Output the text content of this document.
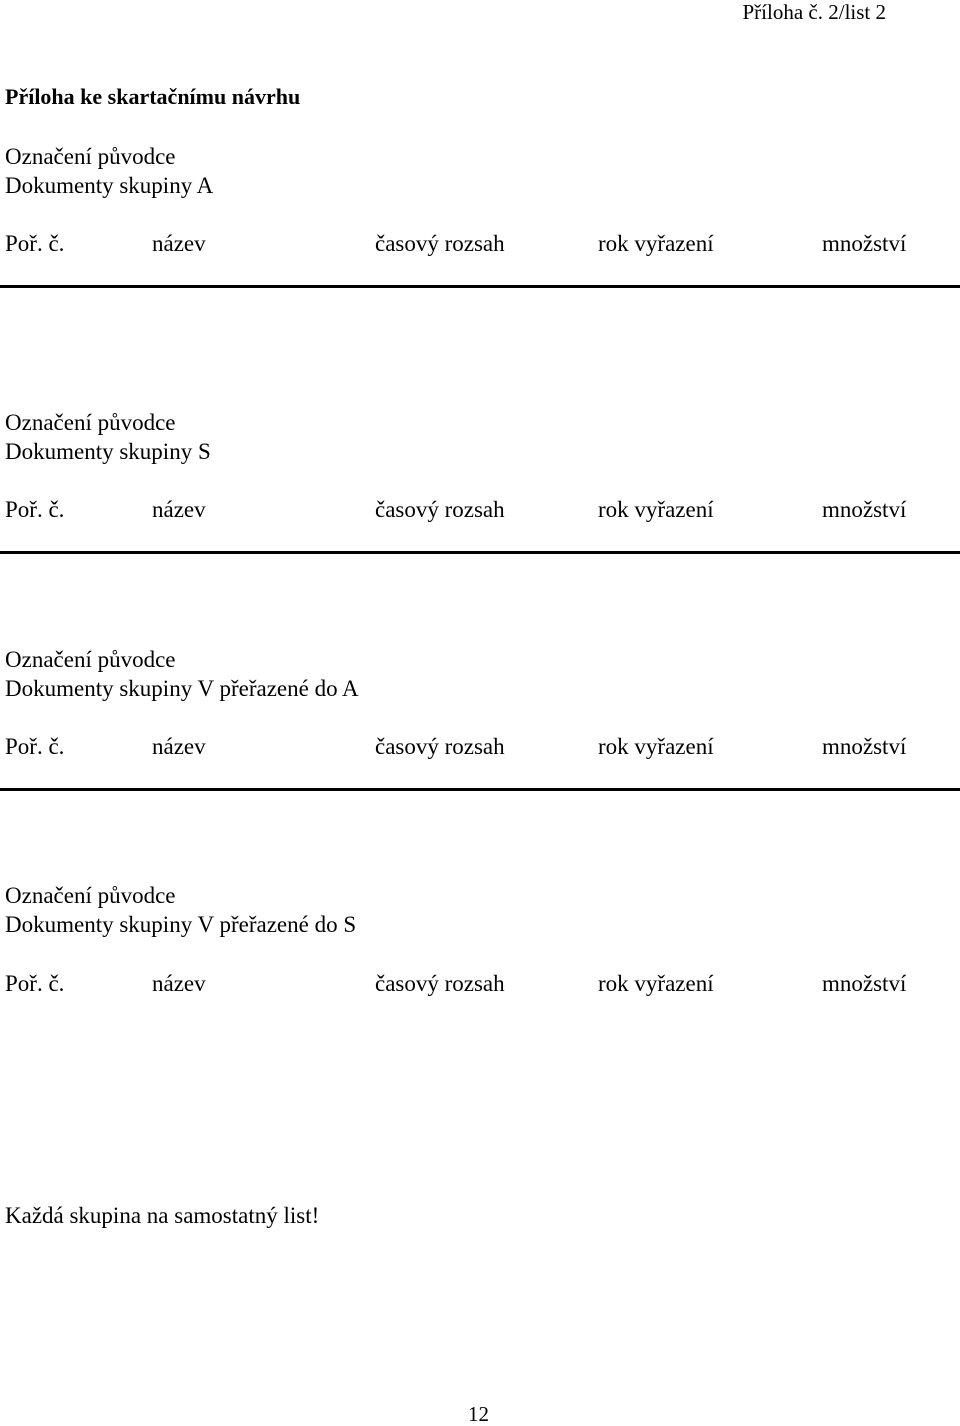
Příloha č. 2/list 2
Příloha ke skartačnímu návrhu
Označení původce
Dokumenty skupiny A
Poř. č.	název	časový rozsah	rok vyřazení	množství
Označení původce
Dokumenty skupiny S
Poř. č.	název	časový rozsah	rok vyřazení	množství
Označení původce
Dokumenty skupiny V přeřazené do A
Poř. č.	název	časový rozsah	rok vyřazení	množství
Označení původce
Dokumenty skupiny V přeřazené do S
Poř. č.	název	časový rozsah	rok vyřazení	množství
Každá skupina na samostatný list!
12
